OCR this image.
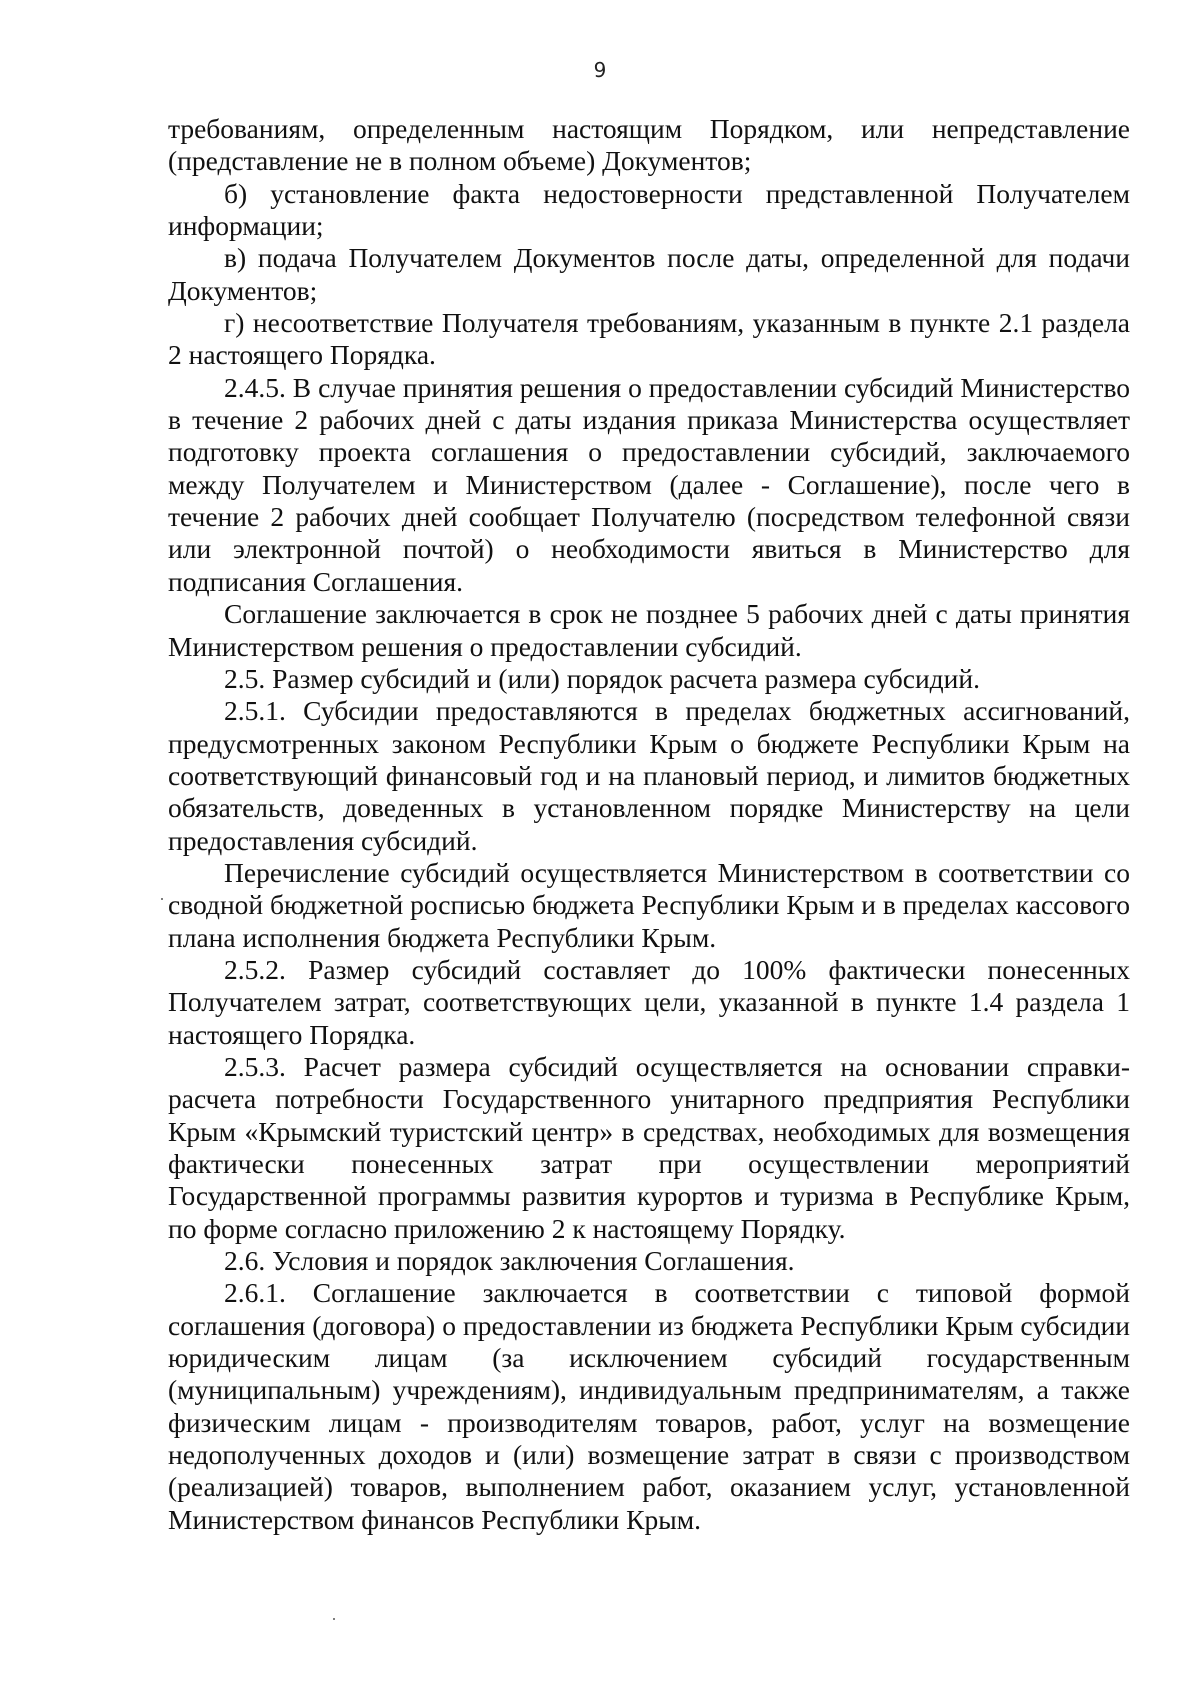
9

требованиям, определенным настоящим Порядком, или непредставление (представление не в полном объеме) Документов;

б) установление факта недостоверности представленной Получателем информации;

в) подача Получателем Документов после даты, определенной для подачи Документов;

г) несоответствие Получателя требованиям, указанным в пункте 2.1 раздела 2 настоящего Порядка.

2.4.5. В случае принятия решения о предоставлении субсидий Министерство в течение 2 рабочих дней с даты издания приказа Министерства осуществляет подготовку проекта соглашения о предоставлении субсидий, заключаемого между Получателем и Министерством (далее - Соглашение), после чего в течение 2 рабочих дней сообщает Получателю (посредством телефонной связи или электронной почтой) о необходимости явиться в Министерство для подписания Соглашения.

Соглашение заключается в срок не позднее 5 рабочих дней с даты принятия Министерством решения о предоставлении субсидий.

2.5. Размер субсидий и (или) порядок расчета размера субсидий.

2.5.1. Субсидии предоставляются в пределах бюджетных ассигнований, предусмотренных законом Республики Крым о бюджете Республики Крым на соответствующий финансовый год и на плановый период, и лимитов бюджетных обязательств, доведенных в установленном порядке Министерству на цели предоставления субсидий.

Перечисление субсидий осуществляется Министерством в соответствии со сводной бюджетной росписью бюджета Республики Крым и в пределах кассового плана исполнения бюджета Республики Крым.

2.5.2. Размер субсидий составляет до 100% фактически понесенных Получателем затрат, соответствующих цели, указанной в пункте 1.4 раздела 1 настоящего Порядка.

2.5.3. Расчет размера субсидий осуществляется на основании справки-расчета потребности Государственного унитарного предприятия Республики Крым «Крымский туристский центр» в средствах, необходимых для возмещения фактически понесенных затрат при осуществлении мероприятий Государственной программы развития курортов и туризма в Республике Крым, по форме согласно приложению 2 к настоящему Порядку.

2.6. Условия и порядок заключения Соглашения.

2.6.1. Соглашение заключается в соответствии с типовой формой соглашения (договора) о предоставлении из бюджета Республики Крым субсидии юридическим лицам (за исключением субсидий государственным (муниципальным) учреждениям), индивидуальным предпринимателям, а также физическим лицам - производителям товаров, работ, услуг на возмещение недополученных доходов и (или) возмещение затрат в связи с производством (реализацией) товаров, выполнением работ, оказанием услуг, установленной Министерством финансов Республики Крым.
